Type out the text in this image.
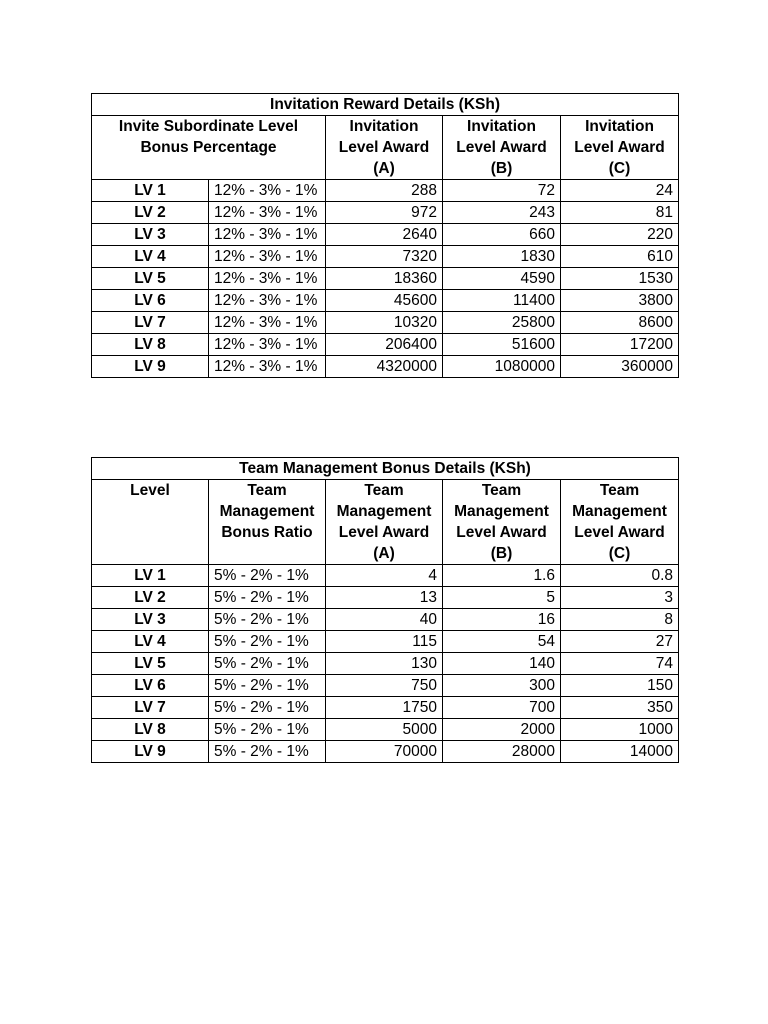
Invitation Reward Details (KSh)				
Invite Subordinate Level Bonus Percentage		Invitation Level Award (A)	Invitation Level Award (B)	Invitation Level Award (C)
LV 1	12% - 3% - 1%	288	72	24
LV 2	12% - 3% - 1%	972	243	81
LV 3	12% - 3% - 1%	2640	660	220
LV 4	12% - 3% - 1%	7320	1830	610
LV 5	12% - 3% - 1%	18360	4590	1530
LV 6	12% - 3% - 1%	45600	11400	3800
LV 7	12% - 3% - 1%	10320	25800	8600
LV 8	12% - 3% - 1%	206400	51600	17200
LV 9	12% - 3% - 1%	4320000	1080000	360000
Team Management Bonus Details (KSh)				
Level	Team Management Bonus Ratio	Team Management Level Award (A)	Team Management Level Award (B)	Team Management Level Award (C)
LV 1	5% - 2% - 1%	4	1.6	0.8
LV 2	5% - 2% - 1%	13	5	3
LV 3	5% - 2% - 1%	40	16	8
LV 4	5% - 2% - 1%	115	54	27
LV 5	5% - 2% - 1%	130	140	74
LV 6	5% - 2% - 1%	750	300	150
LV 7	5% - 2% - 1%	1750	700	350
LV 8	5% - 2% - 1%	5000	2000	1000
LV 9	5% - 2% - 1%	70000	28000	14000
